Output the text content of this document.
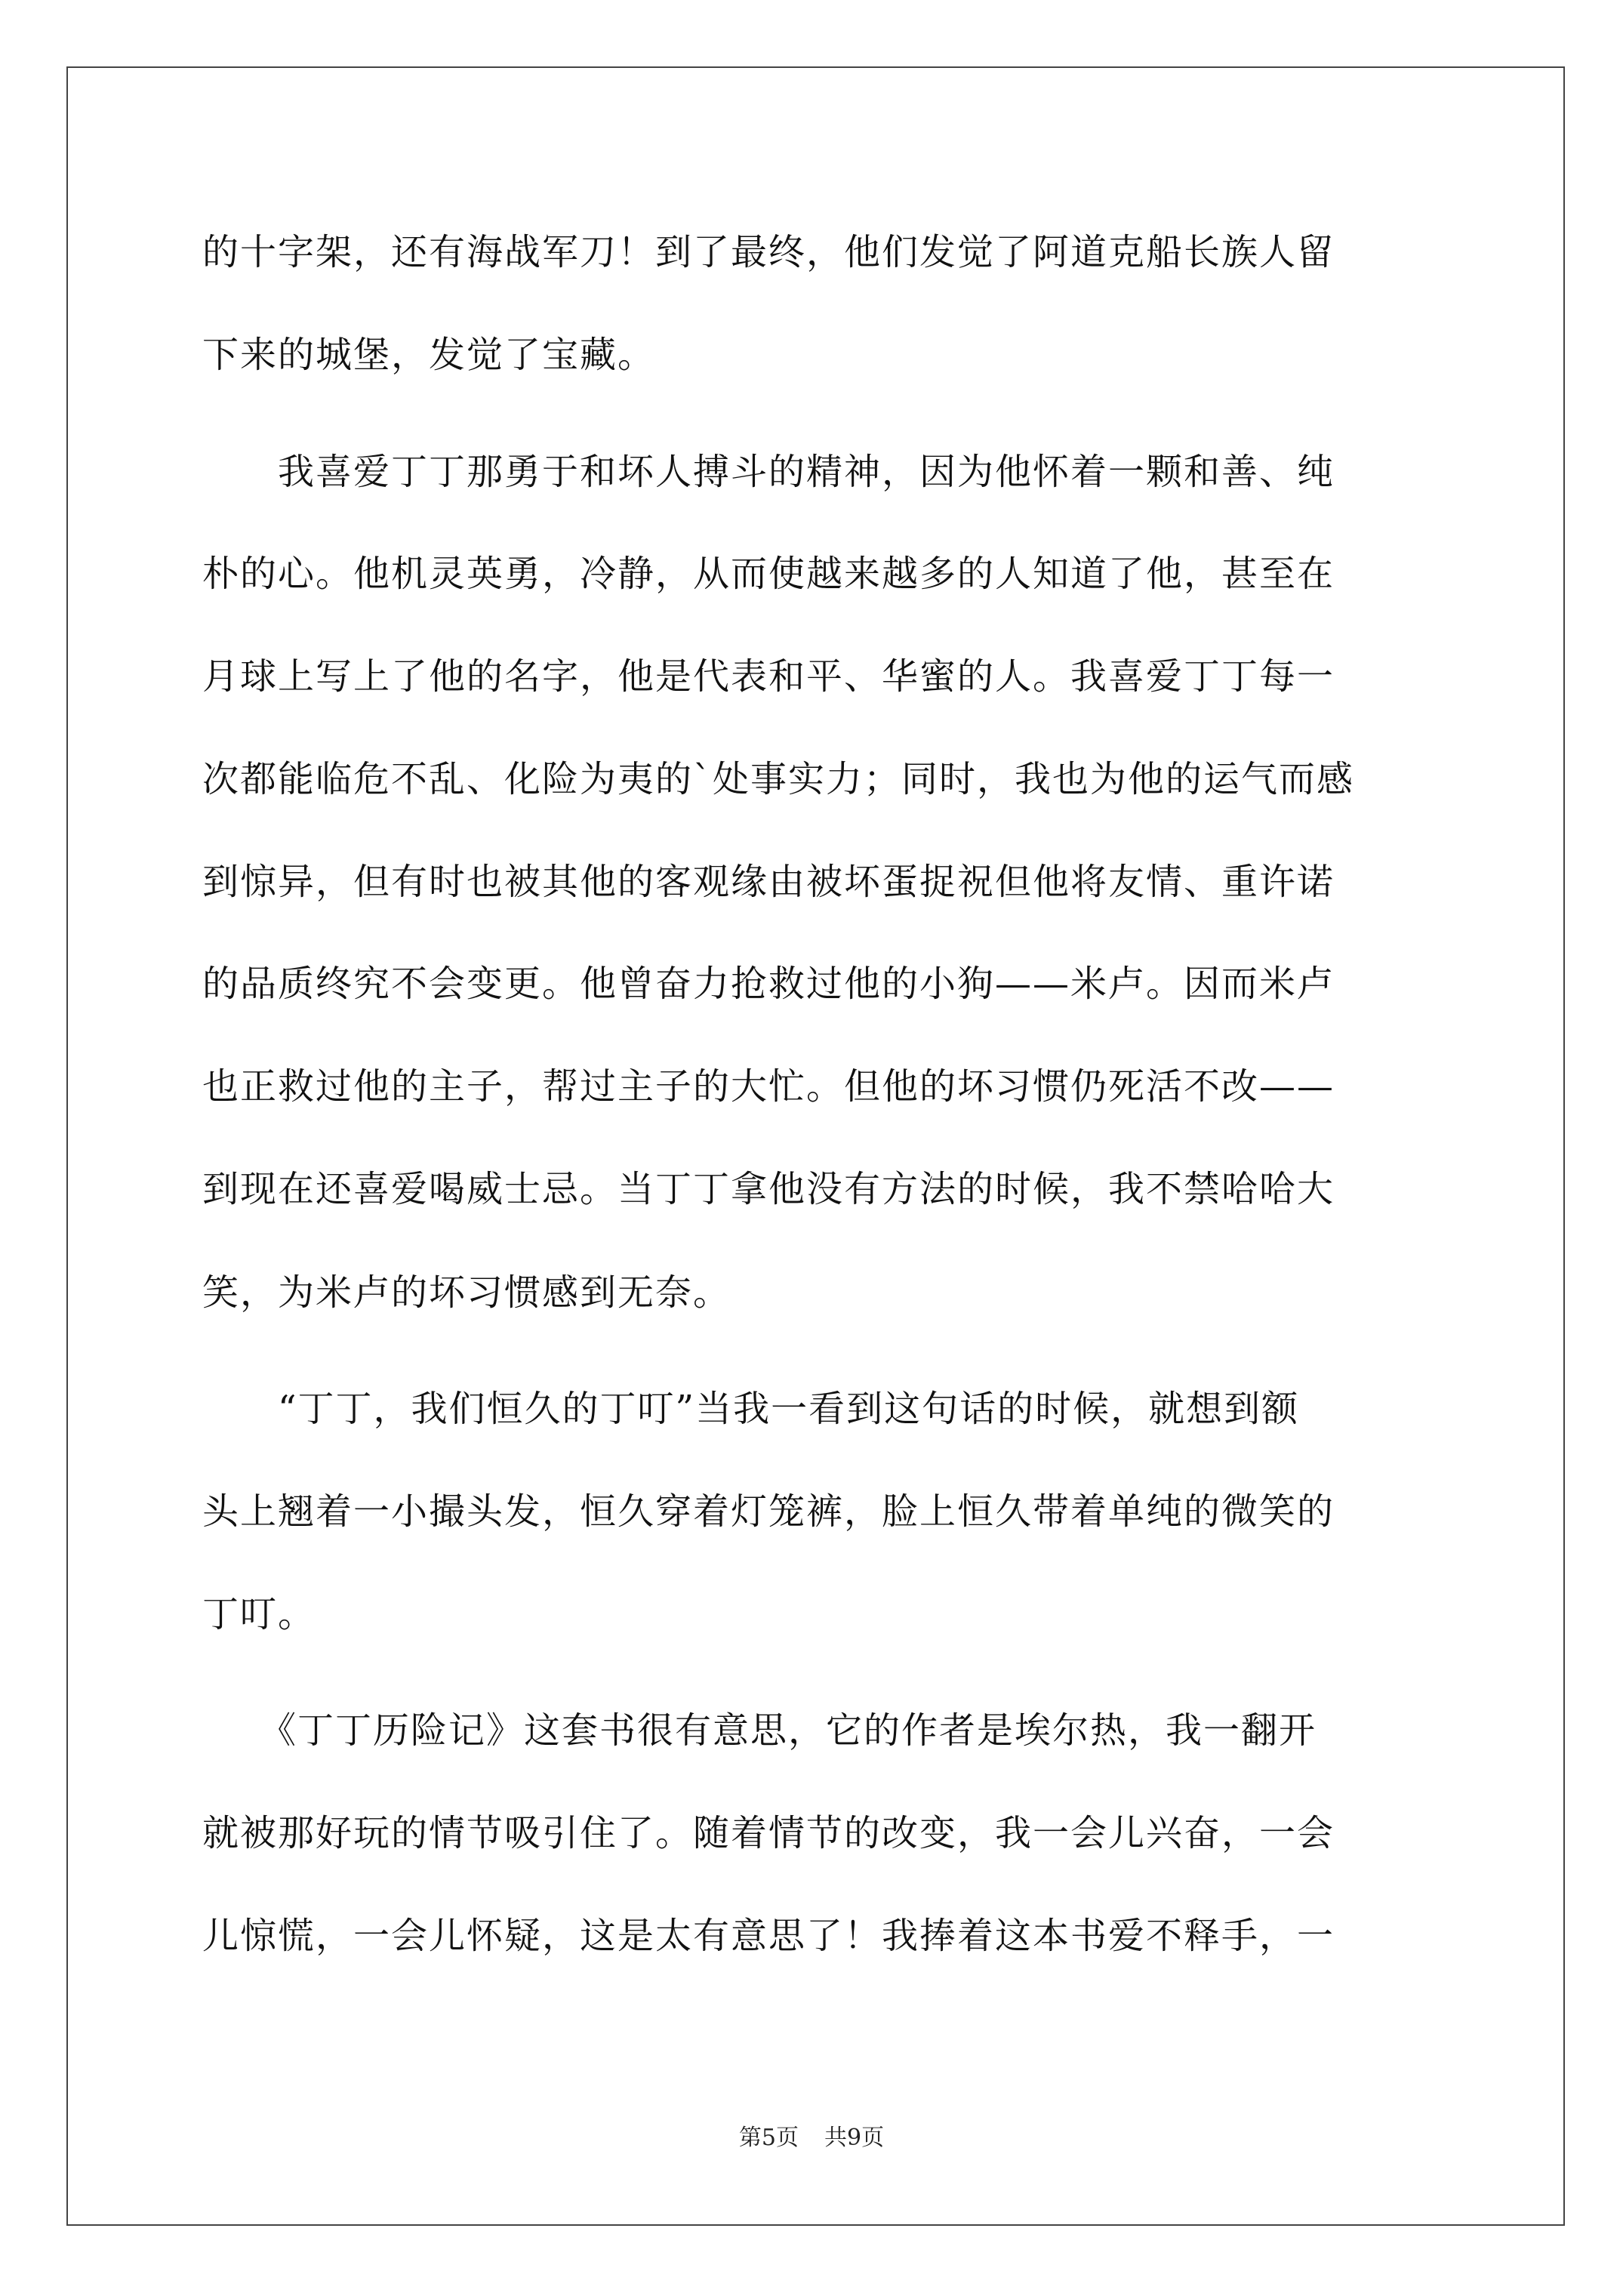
的十字架，还有海战军刀！到了最终，他们发觉了阿道克船长族人留
下来的城堡，发觉了宝藏。
　　我喜爱丁丁那勇于和坏人搏斗的精神，因为他怀着一颗和善、纯
朴的心。他机灵英勇，冷静，从而使越来越多的人知道了他，甚至在
月球上写上了他的名字，他是代表和平、华蜜的人。我喜爱丁丁每一
次都能临危不乱、化险为夷的`处事实力；同时，我也为他的运气而感
到惊异，但有时也被其他的客观缘由被坏蛋捉祝但他将友情、重许诺
的品质终究不会变更。他曾奋力抢救过他的小狗——米卢。因而米卢
也正救过他的主子，帮过主子的大忙。但他的坏习惯仍死活不改——
到现在还喜爱喝威士忌。当丁丁拿他没有方法的时候，我不禁哈哈大
笑，为米卢的坏习惯感到无奈。
　　“丁丁，我们恒久的丁叮”当我一看到这句话的时候，就想到额
头上翘着一小撮头发，恒久穿着灯笼裤，脸上恒久带着单纯的微笑的
丁叮。
　　《丁丁历险记》这套书很有意思，它的作者是埃尔热，我一翻开
就被那好玩的情节吸引住了。随着情节的改变，我一会儿兴奋，一会
儿惊慌，一会儿怀疑，这是太有意思了！我捧着这本书爱不释手，一
第5页 共9页
